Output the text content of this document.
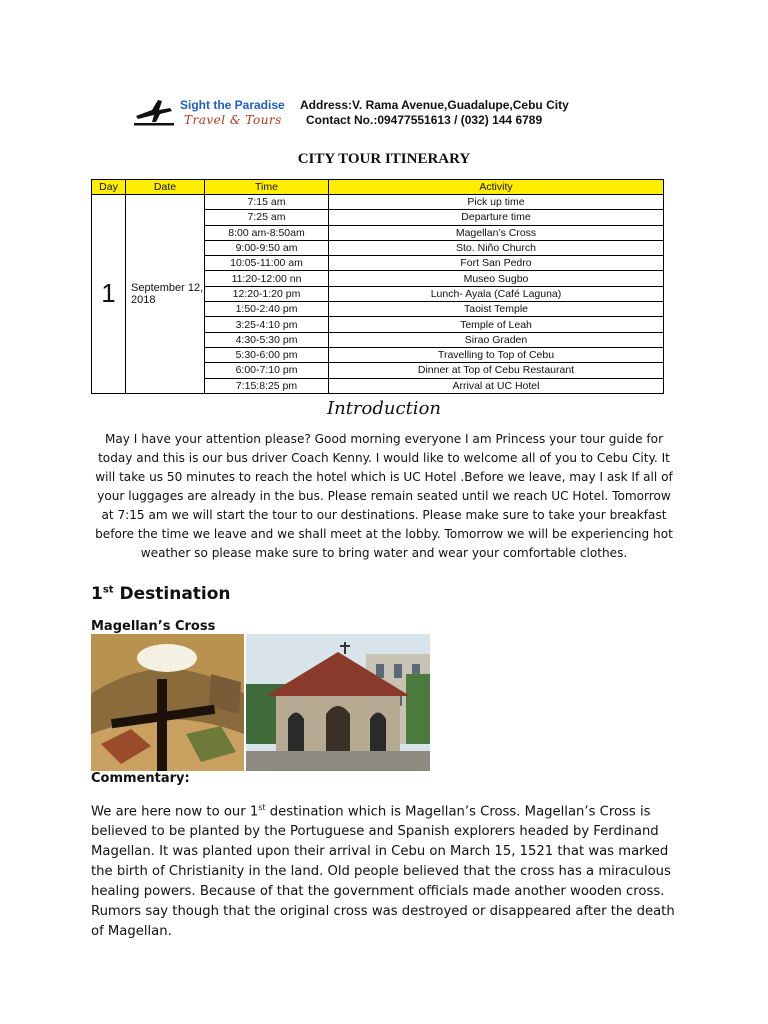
Sight the Paradise
Travel & Tours
Address:V. Rama Avenue,Guadalupe,Cebu City
Contact No.:09477551613 / (032) 144 6789
CITY TOUR ITINERARY
Day	Date	Time	Activity
1	September 12, 2018	7:15 am	Pick up time
		7:25 am	Departure time
		8:00 am-8:50am	Magellan’s Cross
		9:00-9:50 am	Sto. Niño Church
		10:05-11:00 am	Fort San Pedro
		11:20-12:00 nn	Museo Sugbo
		12:20-1:20 pm	Lunch- Ayala (Café Laguna)
		1:50-2:40 pm	Taoist Temple
		3:25-4:10 pm	Temple of Leah
		4:30-5:30 pm	Sirao Graden
		5:30-6:00 pm	Travelling to Top of Cebu
		6:00-7:10 pm	Dinner at Top of Cebu Restaurant
		7:15:8:25 pm	Arrival at UC Hotel
Introduction
May I have your attention please? Good morning everyone I am Princess your tour guide for today and this is our bus driver Coach Kenny. I would like to welcome all of you to Cebu City. It will take us 50 minutes to reach the hotel which is UC Hotel .Before we leave, may I ask If all of your luggages are already in the bus. Please remain seated until we reach UC Hotel. Tomorrow at 7:15 am we will start the tour to our destinations. Please make sure to take your breakfast before the time we leave and we shall meet at the lobby. Tomorrow we will be experiencing hot weather so please make sure to bring water and wear your comfortable clothes.
1st Destination
Magellan’s Cross
Commentary:
We are here now to our 1st destination which is Magellan’s Cross. Magellan’s Cross is believed to be planted by the Portuguese and Spanish explorers headed by Ferdinand Magellan. It was planted upon their arrival in Cebu on March 15, 1521 that was marked the birth of Christianity in the land. Old people believed that the cross has a miraculous healing powers. Because of that the government officials made another wooden cross. Rumors say though that the original cross was destroyed or disappeared after the death of Magellan.
